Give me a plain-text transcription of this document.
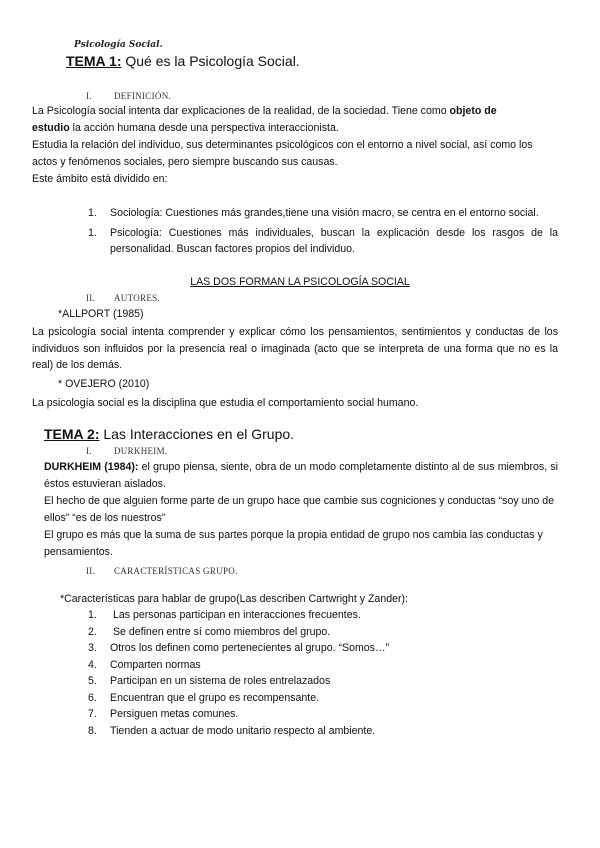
Psicología Social.
TEMA 1: Qué es la Psicología Social.
I. DEFINICIÓN.
La Psicología social intenta dar explicaciones de la realidad, de la sociedad. Tiene como objeto de
estudio la acción humana desde una perspectiva interaccionista.
Estudia la relación del individuo, sus determinantes psicológicos con el entorno a nivel social, así como los actos y fenómenos sociales, pero siempre buscando sus causas.
Este ámbito está dividido en:
1.	Sociología: Cuestiones más grandes,tiene una visión macro, se centra en el entorno social.
1.	Psicología: Cuestiones más individuales, buscan la explicación desde los rasgos de la personalidad. Buscan factores propios del individuo.
LAS DOS FORMAN LA PSICOLOGÍA SOCIAL
II. AUTORES.
*ALLPORT (1985)
La psicología social intenta comprender y explicar cómo los pensamientos, sentimientos y conductas de los individuos son influidos por la presencia real o imaginada (acto que se interpreta de una forma que no es la real) de los demás.
* OVEJERO (2010)
La psicología social es la disciplina que estudia el comportamiento social humano.
TEMA 2: Las Interacciones en el Grupo.
I. DURKHEIM.
DURKHEIM (1984): el grupo piensa, siente, obra de un modo completamente distinto al de sus miembros, si éstos estuvieran aislados.
El hecho de que alguien forme parte de un grupo hace que cambie sus cogniciones y conductas “soy uno de ellos” “es de los nuestros”
El grupo es más que la suma de sus partes porque la propia entidad de grupo nos cambia las conductas y pensamientos.
II. CARACTERÍSTICAS GRUPO.
*Características para hablar de grupo(Las describen Cartwright y Zander):
1.	Las personas participan en interacciones frecuentes.
2.	Se definen entre sí como miembros del grupo.
3.	Otros los definen como pertenecientes al grupo. “Somos…”
4.	Comparten normas
5.	Participan en un sistema de roles entrelazados
6.	Encuentran que el grupo es recompensante.
7.	Persiguen metas comunes.
8.	Tienden a actuar de modo unitario respecto al ambiente.
